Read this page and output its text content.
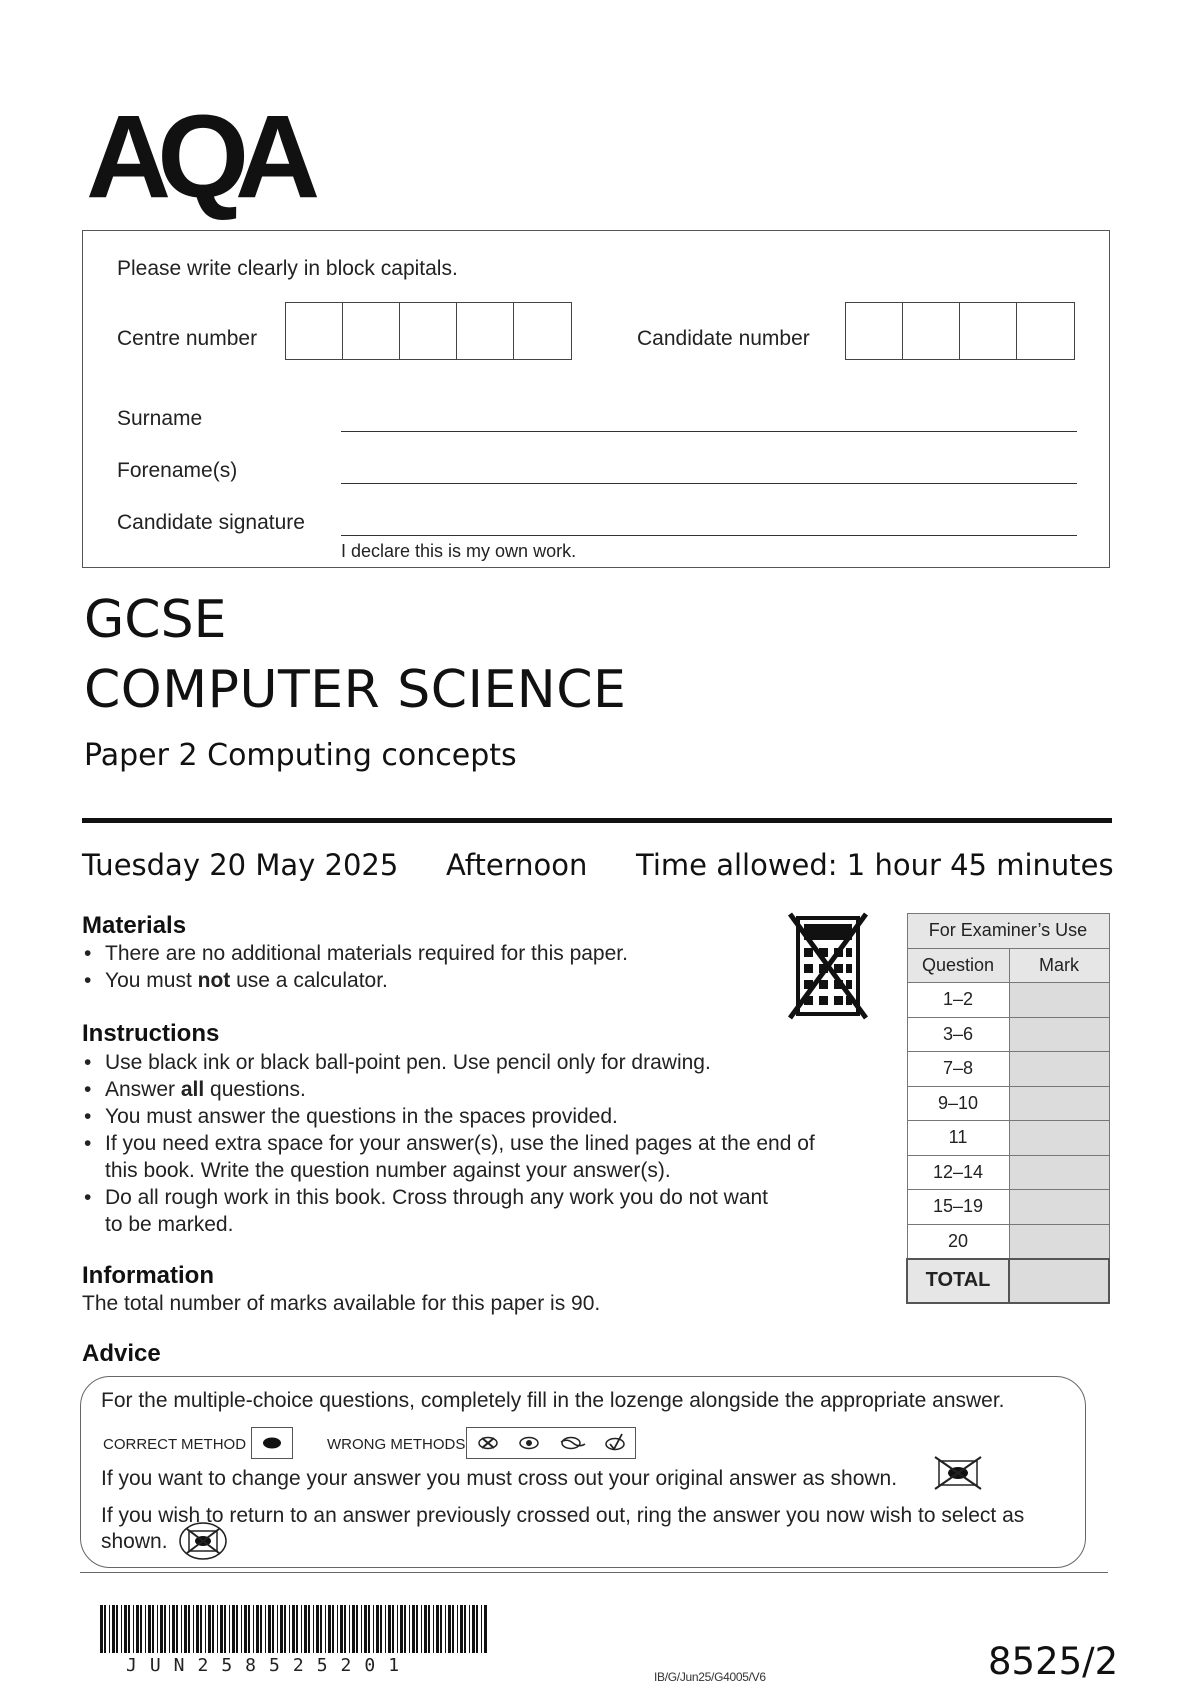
AQA
Please write clearly in block capitals.
Centre number	Candidate number
Surname
Forename(s)
Candidate signature
I declare this is my own work.
GCSE
COMPUTER SCIENCE
Paper 2 Computing concepts
Tuesday 20 May 2025 Afternoon Time allowed: 1 hour 45 minutes
Materials
• There are no additional materials required for this paper.
• You must not use a calculator.
Instructions
• Use black ink or black ball-point pen. Use pencil only for drawing.
• Answer all questions.
• You must answer the questions in the spaces provided.
• If you need extra space for your answer(s), use the lined pages at the end of
this book. Write the question number against your answer(s).
• Do all rough work in this book. Cross through any work you do not want
to be marked.
Information
The total number of marks available for this paper is 90.
For Examiner’s Use	
Question	Mark
1–2	
3–6	
7–8	
9–10	
11	
12–14	
15–19	
20	
TOTAL	
Advice
For the multiple-choice questions, completely fill in the lozenge alongside the appropriate answer.
CORRECT METHOD	WRONG METHODS
If you want to change your answer you must cross out your original answer as shown.
If you wish to return to an answer previously crossed out, ring the answer you now wish to select as
shown.
JUN258525201
IB/G/Jun25/G4005/V6	8525/2
